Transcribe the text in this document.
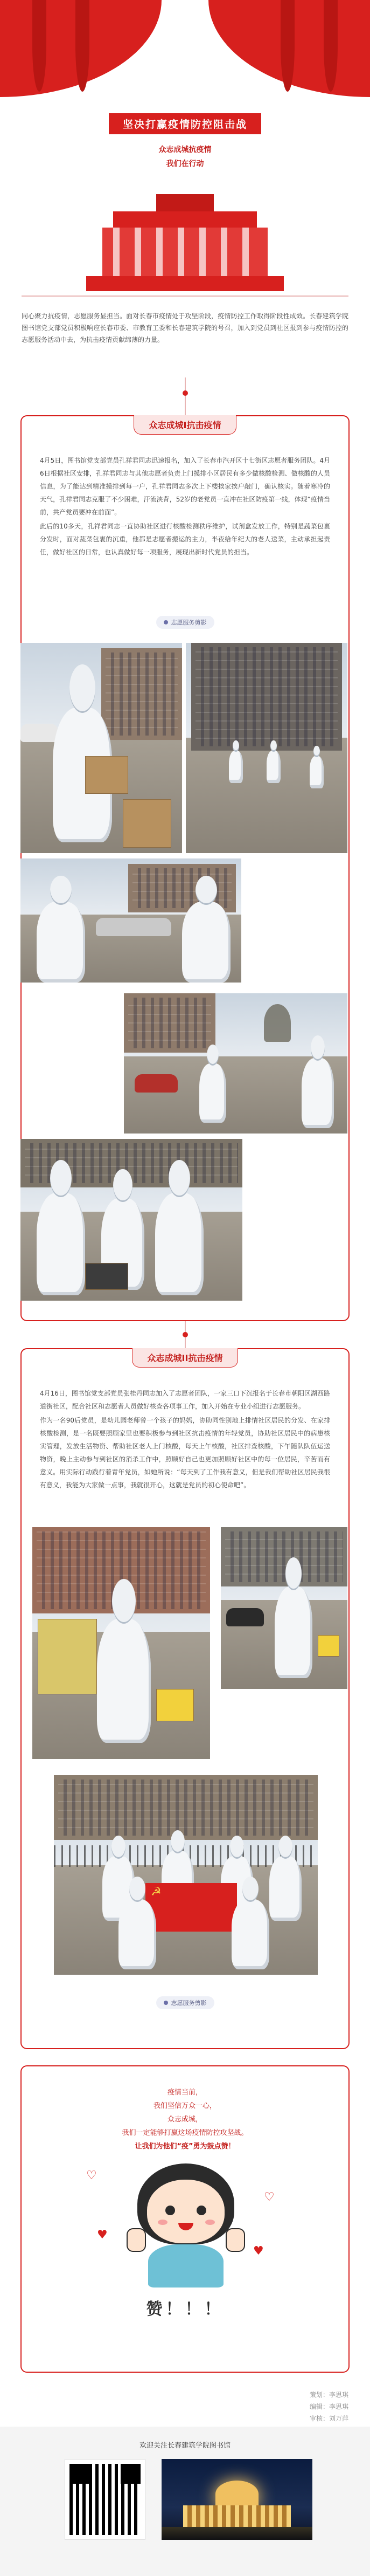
坚决打赢疫情防控阻击战
众志成城抗疫情
我们在行动
同心聚力抗疫情，志愿服务显担当。面对长春市疫情处于攻坚阶段，疫情防控工作取得阶段性成效。长春建筑学院图书馆党支部党员积极响应长春市委、市教育工委和长春建筑学院的号召，加入到党员到社区报到参与疫情防控的志愿服务活动中去，为抗击疫情贡献绵薄的力量。
众志成城I抗击疫情

4月5日，图书馆党支部党员孔祥君同志迅速报名，加入了长春市汽开区十七街区志愿者服务团队。4月6日根据社区安排，孔祥君同志与其他志愿者负责上门摸排小区居民有多少做核酸检测、做核酸的人员信息，为了能达到精准摸排到每一户，孔祥君同志多次上下楼挨家挨户敲门，确认核实。随着寒冷的天气，孔祥君同志克服了不少困难，汗流浃背，52岁的老党员一直冲在社区防疫第一线，体现“疫情当前，共产党员要冲在前面”。

此后的10多天，孔祥君同志一直协助社区进行核酸检测秩序维护，试剂盒发放工作，特别是蔬菜包裹分发时，面对蔬菜包裹的沉重，他都是志愿者搬运的主力，半夜给年纪大的老人送菜，主动承担起责任，做好社区的日常，也认真做好每一项服务，展现出新时代党员的担当。

志愿服务剪影
众志成城II抗击疫情

4月16日，图书馆党支部党员张桂丹同志加入了志愿者团队，一家三口下沉报名于长春市朝阳区湖西路道街社区，配合社区和志愿者人员做好核查各项事工作，加入开始在专业小组进行志愿服务。

作为一名90后党员，是幼儿园老师曾一个孩子的妈妈，协助同性别地上排情社区居民的分发、在家排核酸检测，是一名既要照顾家里也要积极参与到社区抗击疫情的年轻党员，协助社区居民中的病患核实管理，发放生活物资、帮助社区老人上门核酸，每天上午核酸，社区排查核酸，下午随队队伍运送物资，晚上主动参与到社区的消杀工作中，照顾好自己也更加照顾好社区中的每一位居民，辛苦而有意义。用实际行动践行着青年党员，如她所说：“每天到了工作我有意义，但是我们帮助社区居民我很有意义，我能为大家做一点事，我就很开心，这就是党员的初心使命吧”。

☭
志愿服务剪影
疫情当前，
我们坚信万众一心，
众志成城，
我们一定能够打赢这场疫情防控攻坚战。
让我们为他们“疫”勇为鼓点赞！
♡
♥
♡
♥
赞！！！
策划：李思琪
编辑：李思琪
审核：刘万萍
欢迎关注长春建筑学院图书馆
